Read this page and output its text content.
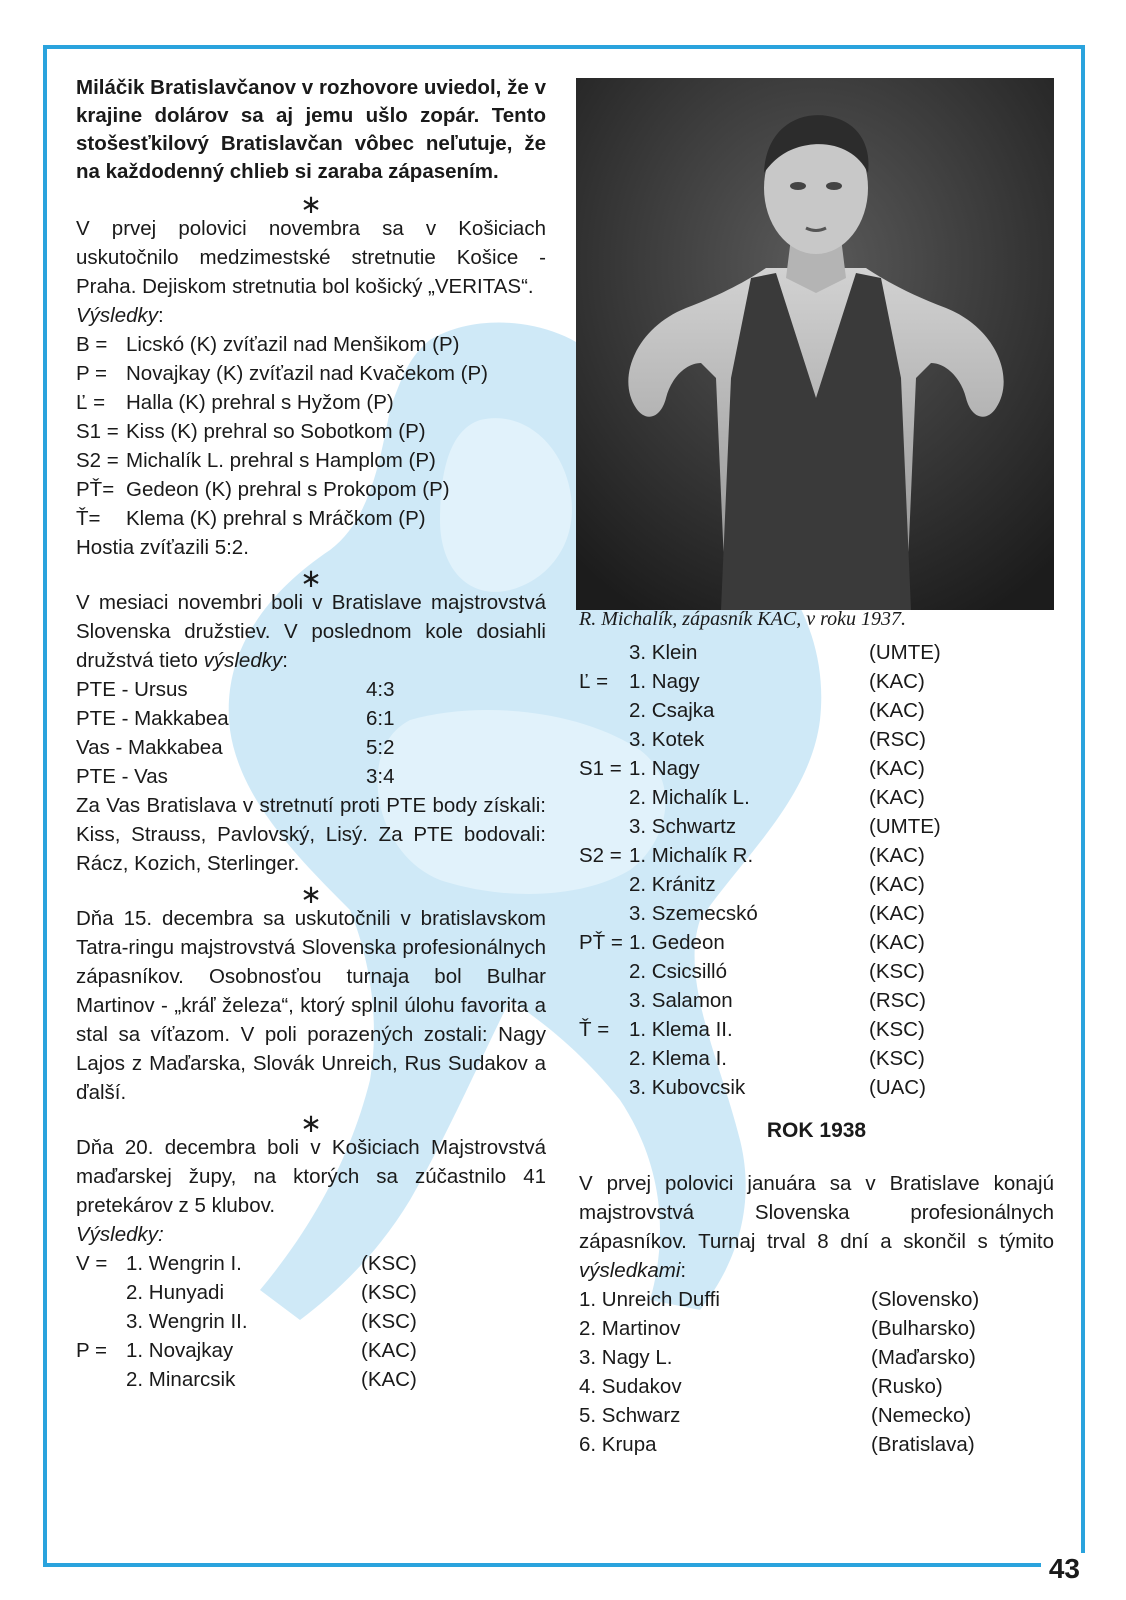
Miláčik Bratislavčanov v rozhovore uviedol, že v krajine dolárov sa aj jemu ušlo zopár. Tento stošesťkilový Bratislavčan vôbec neľutuje, že na každodenný chlieb si zaraba zápasením.
∗
V prvej polovici novembra sa v Košiciach uskutočnilo medzimestské stretnutie Košice - Praha. Dejiskom stretnutia bol košický „VERITAS“.
Výsledky:
B = Licskó (K) zvíťazil nad Menšikom (P)
P = Novajkay (K) zvíťazil nad Kvačekom (P)
Ľ =	Halla (K) prehral s Hyžom (P)
S1 = Kiss (K) prehral so Sobotkom (P)
S2 = Michalík L. prehral s Hamplom (P)
PŤ= Gedeon (K) prehral s Prokopom (P)
Ť=	Klema (K) prehral s Mráčkom (P)
Hostia zvíťazili 5:2.
∗
V mesiaci novembri boli v Bratislave majstrovstvá Slovenska družstiev. V poslednom kole dosiahli družstvá tieto výsledky:
PTE - Ursus	4:3
PTE - Makkabea	6:1
Vas - Makkabea	5:2
PTE - Vas	3:4
Za Vas Bratislava v stretnutí proti PTE body získali: Kiss, Strauss, Pavlovský, Lisý. Za PTE bodovali: Rácz, Kozich, Sterlinger.
∗
Dňa 15. decembra sa uskutočnili v bratislavskom Tatra-ringu majstrovstvá Slovenska profesionálnych zápasníkov. Osobnosťou turnaja bol Bulhar Martinov - „kráľ železa“, ktorý splnil úlohu favorita a stal sa víťazom. V poli porazených zostali: Nagy Lajos z Maďarska, Slovák Unreich, Rus Sudakov a ďalší.
∗
Dňa 20. decembra boli v Košiciach Majstrovstvá maďarskej župy, na ktorých sa zúčastnilo 41 pretekárov z 5 klubov.
Výsledky:
V = 1. Wengrin I.	(KSC)
2. Hunyadi	(KSC)
3. Wengrin II.	(KSC)
P = 1. Novajkay	(KAC)
2. Minarcsik	(KAC)
R. Michalík, zápasník KAC, v roku 1937.
3. Klein	(UMTE)
Ľ =	1. Nagy	(KAC)
2. Csajka	(KAC)
3. Kotek	(RSC)
S1 = 1. Nagy	(KAC)
2. Michalík L.	(KAC)
3. Schwartz	(UMTE)
S2 = 1. Michalík R.	(KAC)
2. Kránitz	(KAC)
3. Szemecskó	(KAC)
PŤ = 1. Gedeon	(KAC)
2. Csicsilló	(KSC)
3. Salamon	(RSC)
Ť = 1. Klema II.	(KSC)
2. Klema I.	(KSC)
3. Kubovcsik	(UAC)
ROK 1938
V prvej polovici januára sa v Bratislave konajú majstrovstvá Slovenska profesionálnych zápasníkov. Turnaj trval 8 dní a skončil s týmito výsledkami:
1. Unreich Duffi	(Slovensko)
2. Martinov	(Bulharsko)
3. Nagy L.	(Maďarsko)
4. Sudakov	(Rusko)
5. Schwarz	(Nemecko)
6. Krupa	(Bratislava)
43
